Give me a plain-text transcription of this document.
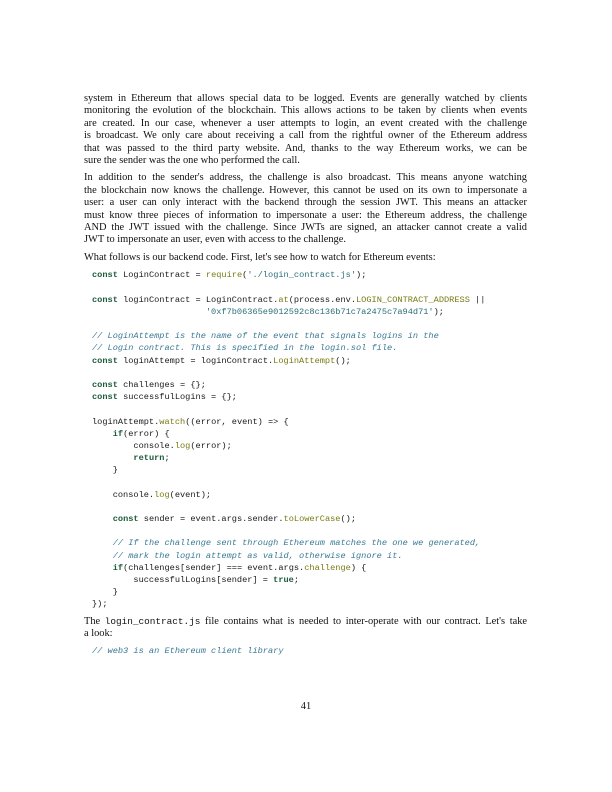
system in Ethereum that allows special data to be logged. Events are generally watched by clients
monitoring the evolution of the blockchain. This allows actions to be taken by clients when events
are created. In our case, whenever a user attempts to login, an event created with the challenge
is broadcast. We only care about receiving a call from the rightful owner of the Ethereum address
that was passed to the third party website. And, thanks to the way Ethereum works, we can be
sure the sender was the one who performed the call.
In addition to the sender's address, the challenge is also broadcast. This means anyone watching
the blockchain now knows the challenge. However, this cannot be used on its own to impersonate a
user: a user can only interact with the backend through the session JWT. This means an attacker
must know three pieces of information to impersonate a user: the Ethereum address, the challenge
AND the JWT issued with the challenge. Since JWTs are signed, an attacker cannot create a valid
JWT to impersonate an user, even with access to the challenge.
What follows is our backend code. First, let's see how to watch for Ethereum events:
const LoginContract = require('./login_contract.js');
const loginContract = LoginContract.at(process.env.LOGIN_CONTRACT_ADDRESS ||
'0xf7b06365e9012592c8c136b71c7a2475c7a94d71');
// LoginAttempt is the name of the event that signals logins in the
// Login contract. This is specified in the login.sol file.
const loginAttempt = loginContract.LoginAttempt();
const challenges = {};
const successfulLogins = {};
loginAttempt.watch((error, event) => {
if(error) {
console.log(error);
return;
}
console.log(event);
const sender = event.args.sender.toLowerCase();
// If the challenge sent through Ethereum matches the one we generated,
// mark the login attempt as valid, otherwise ignore it.
if(challenges[sender] === event.args.challenge) {
successfulLogins[sender] = true;
}
});
The login_contract.js file contains what is needed to inter-operate with our contract. Let's take
a look:
// web3 is an Ethereum client library
41
